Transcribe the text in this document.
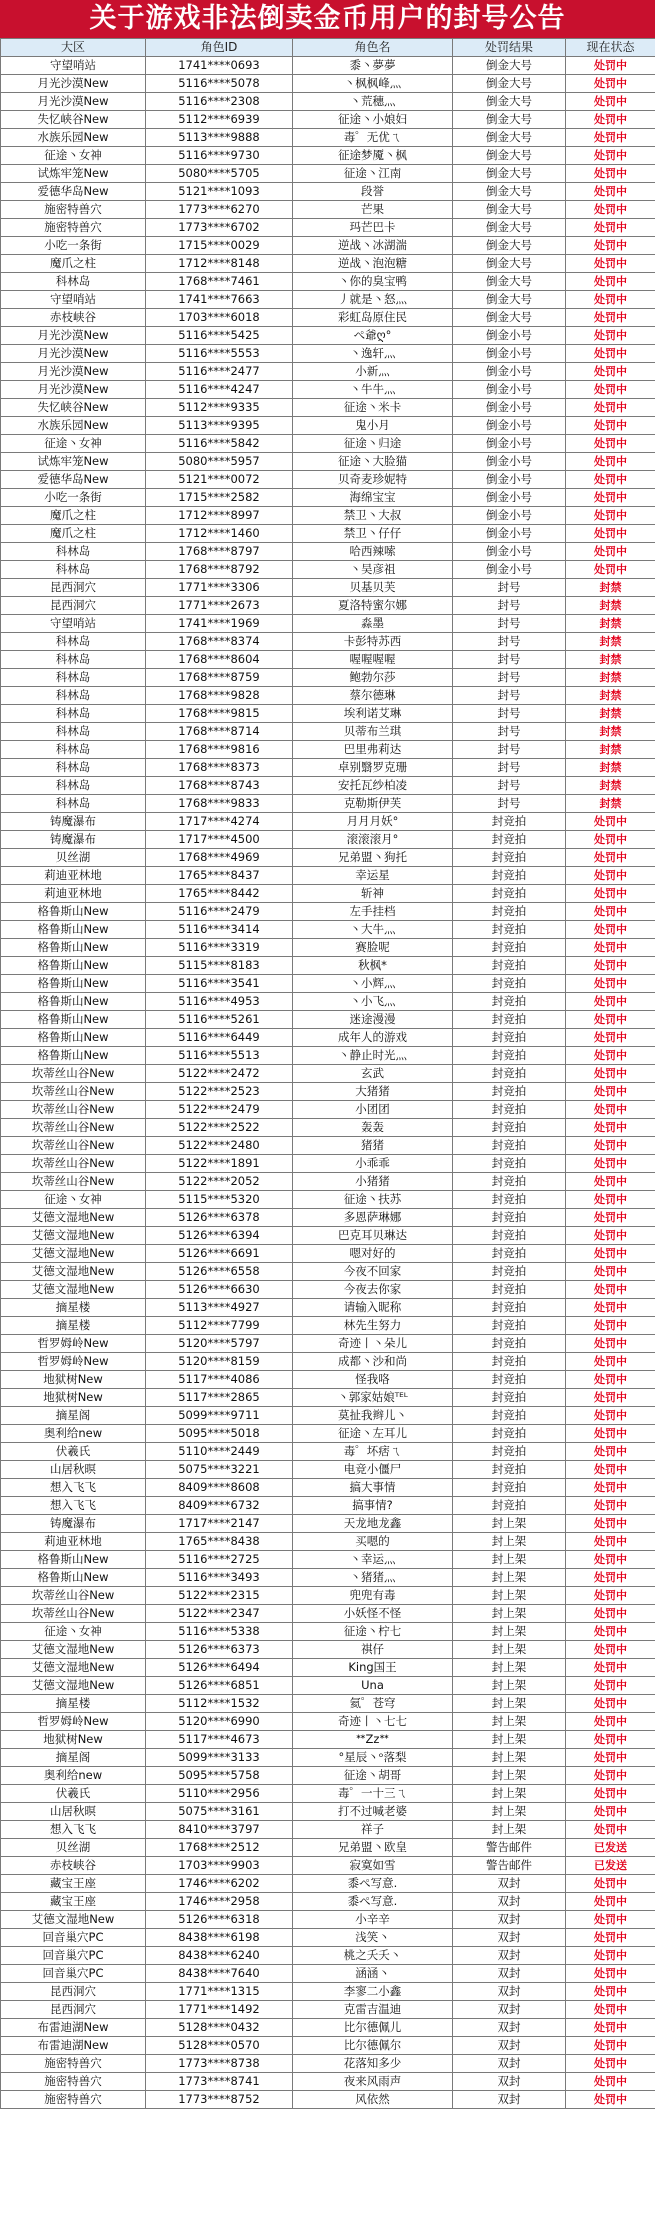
关于游戏非法倒卖金币用户的封号公告
大区	角色ID	角色名	处罚结果	现在状态
守望哨站	1741****0693	黍丶夢夢	倒金大号	处罚中
月光沙漠New	5116****5078	丶枫枫峰灬	倒金大号	处罚中
月光沙漠New	5116****2308	丶荒穗灬	倒金大号	处罚中
失忆峡谷New	5112****6939	征途丶小娘妇	倒金大号	处罚中
水族乐园New	5113****9888	毒゜无优ㄟ	倒金大号	处罚中
征途丶女神	5116****9730	征途梦魇丶枫	倒金大号	处罚中
试炼牢笼New	5080****5705	征途丶江南	倒金大号	处罚中
爱德华岛New	5121****1093	段誉	倒金大号	处罚中
施密特兽穴	1773****6270	芒果	倒金大号	处罚中
施密特兽穴	1773****6702	玛芒巴卡	倒金大号	处罚中
小吃一条街	1715****0029	逆战丶冰湖湍	倒金大号	处罚中
魔爪之柱	1712****8148	逆战丶泡泡糖	倒金大号	处罚中
科林岛	1768****7461	丶你的臭宝鸭	倒金大号	处罚中
守望哨站	1741****7663	丿就是丶怒灬	倒金大号	处罚中
赤枝峡谷	1703****6018	彩虹岛原住民	倒金大号	处罚中
月光沙漠New	5116****5425	ぺ爺ღ°	倒金小号	处罚中
月光沙漠New	5116****5553	丶逸轩灬	倒金小号	处罚中
月光沙漠New	5116****2477	小新灬	倒金小号	处罚中
月光沙漠New	5116****4247	丶牛牛灬	倒金小号	处罚中
失忆峡谷New	5112****9335	征途丶米卡	倒金小号	处罚中
水族乐园New	5113****9395	鬼小月	倒金小号	处罚中
征途丶女神	5116****5842	征途丶归途	倒金小号	处罚中
试炼牢笼New	5080****5957	征途丶大脸猫	倒金小号	处罚中
爱德华岛New	5121****0072	贝奇麦珍妮特	倒金小号	处罚中
小吃一条街	1715****2582	海绵宝宝	倒金小号	处罚中
魔爪之柱	1712****8997	禁卫丶大叔	倒金小号	处罚中
魔爪之柱	1712****1460	禁卫丶仔仔	倒金小号	处罚中
科林岛	1768****8797	哈西辣嗦	倒金小号	处罚中
科林岛	1768****8792	丶吴彦祖	倒金小号	处罚中
昆西洞穴	1771****3306	贝基贝芙	封号	封禁
昆西洞穴	1771****2673	夏洛特蜜尔娜	封号	封禁
守望哨站	1741****1969	淼墨	封号	封禁
科林岛	1768****8374	卡彭特苏西	封号	封禁
科林岛	1768****8604	喔喔喔喔	封号	封禁
科林岛	1768****8759	鲍勃尔莎	封号	封禁
科林岛	1768****9828	蔡尔德琳	封号	封禁
科林岛	1768****9815	埃利诺艾琳	封号	封禁
科林岛	1768****8714	贝蒂布兰琪	封号	封禁
科林岛	1768****9816	巴里弗莉达	封号	封禁
科林岛	1768****8373	卓别翳罗克珊	封号	封禁
科林岛	1768****8743	安托瓦纱柏凌	封号	封禁
科林岛	1768****9833	克勒斯伊芙	封号	封禁
铸魔瀑布	1717****4274	月月月妖°	封竞拍	处罚中
铸魔瀑布	1717****4500	滚滚滚月°	封竞拍	处罚中
贝丝湖	1768****4969	兄弟盟丶狗托	封竞拍	处罚中
莉迪亚林地	1765****8437	幸运星	封竞拍	处罚中
莉迪亚林地	1765****8442	斩神	封竞拍	处罚中
格鲁斯山New	5116****2479	左手挂档	封竞拍	处罚中
格鲁斯山New	5116****3414	丶大牛灬	封竞拍	处罚中
格鲁斯山New	5116****3319	赛脸呢	封竞拍	处罚中
格鲁斯山New	5115****8183	秋枫*	封竞拍	处罚中
格鲁斯山New	5116****3541	丶小辉灬	封竞拍	处罚中
格鲁斯山New	5116****4953	丶小飞灬	封竞拍	处罚中
格鲁斯山New	5116****5261	迷途漫漫	封竞拍	处罚中
格鲁斯山New	5116****6449	成年人的游戏	封竞拍	处罚中
格鲁斯山New	5116****5513	丶静止时光灬	封竞拍	处罚中
坎蒂丝山谷New	5122****2472	玄武	封竞拍	处罚中
坎蒂丝山谷New	5122****2523	大猪猪	封竞拍	处罚中
坎蒂丝山谷New	5122****2479	小团团	封竞拍	处罚中
坎蒂丝山谷New	5122****2522	轰轰	封竞拍	处罚中
坎蒂丝山谷New	5122****2480	猪猪	封竞拍	处罚中
坎蒂丝山谷New	5122****1891	小乖乖	封竞拍	处罚中
坎蒂丝山谷New	5122****2052	小猪猪	封竞拍	处罚中
征途丶女神	5115****5320	征途丶扶苏	封竞拍	处罚中
艾德文湿地New	5126****6378	多恩萨琳娜	封竞拍	处罚中
艾德文湿地New	5126****6394	巴克耳贝琳达	封竞拍	处罚中
艾德文湿地New	5126****6691	嗯对好的	封竞拍	处罚中
艾德文湿地New	5126****6558	今夜不回家	封竞拍	处罚中
艾德文湿地New	5126****6630	今夜去你家	封竞拍	处罚中
摘星楼	5113****4927	请输入昵称	封竞拍	处罚中
摘星楼	5112****7799	林先生努力	封竞拍	处罚中
哲罗姆岭New	5120****5797	奇迹丨丶朵儿	封竞拍	处罚中
哲罗姆岭New	5120****8159	成都丶沙和尚	封竞拍	处罚中
地狱树New	5117****4086	怪我咯	封竞拍	处罚中
地狱树New	5117****2865	丶郭家姑娘ᵀᴱᴸ	封竞拍	处罚中
摘星阁	5099****9711	莫扯我辫儿丶	封竞拍	处罚中
奥利给new	5095****5018	征途丶左耳儿	封竞拍	处罚中
伏羲氏	5110****2449	毒゜坏痞ㄟ	封竞拍	处罚中
山居秋暝	5075****3221	电竞小僵尸	封竞拍	处罚中
想入飞飞	8409****8608	搞大事情	封竞拍	处罚中
想入飞飞	8409****6732	搞事情?	封竞拍	处罚中
铸魔瀑布	1717****2147	天龙地龙鑫	封上架	处罚中
莉迪亚林地	1765****8438	买嗯的	封上架	处罚中
格鲁斯山New	5116****2725	丶幸运灬	封上架	处罚中
格鲁斯山New	5116****3493	丶猪猪灬	封上架	处罚中
坎蒂丝山谷New	5122****2315	兜兜有毒	封上架	处罚中
坎蒂丝山谷New	5122****2347	小妖怪不怪	封上架	处罚中
征途丶女神	5116****5338	征途丶柠七	封上架	处罚中
艾德文湿地New	5126****6373	祺仔	封上架	处罚中
艾德文湿地New	5126****6494	King国王	封上架	处罚中
艾德文湿地New	5126****6851	Una	封上架	处罚中
摘星楼	5112****1532	氦゜苍穹	封上架	处罚中
哲罗姆岭New	5120****6990	奇迹丨丶七七	封上架	处罚中
地狱树New	5117****4673	ᕯZzᕯ	封上架	处罚中
摘星阁	5099****3133	°星辰丶ᵒ落梨	封上架	处罚中
奥利给new	5095****5758	征途丶胡哥	封上架	处罚中
伏羲氏	5110****2956	毒゜一十三ㄟ	封上架	处罚中
山居秋暝	5075****3161	打不过喊老婆	封上架	处罚中
想入飞飞	8410****3797	祥子	封上架	处罚中
贝丝湖	1768****2512	兄弟盟丶欧皇	警告邮件	已发送
赤枝峡谷	1703****9903	寂寞如雪	警告邮件	已发送
藏宝王座	1746****6202	黍ぺ写意.	双封	处罚中
藏宝王座	1746****2958	黍ぺ写意.	双封	处罚中
艾德文湿地New	5126****6318	小辛辛	双封	处罚中
回音巢穴PC	8438****6198	浅笑丶	双封	处罚中
回音巢穴PC	8438****6240	桃之夭夭丶	双封	处罚中
回音巢穴PC	8438****7640	涵涵丶	双封	处罚中
昆西洞穴	1771****1315	李寥二小鑫	双封	处罚中
昆西洞穴	1771****1492	克雷吉温迪	双封	处罚中
布雷迪湖New	5128****0432	比尔德佩儿	双封	处罚中
布雷迪湖New	5128****0570	比尔德佩尔	双封	处罚中
施密特兽穴	1773****8738	花落知多少	双封	处罚中
施密特兽穴	1773****8741	夜来风雨声	双封	处罚中
施密特兽穴	1773****8752	风依然	双封	处罚中
